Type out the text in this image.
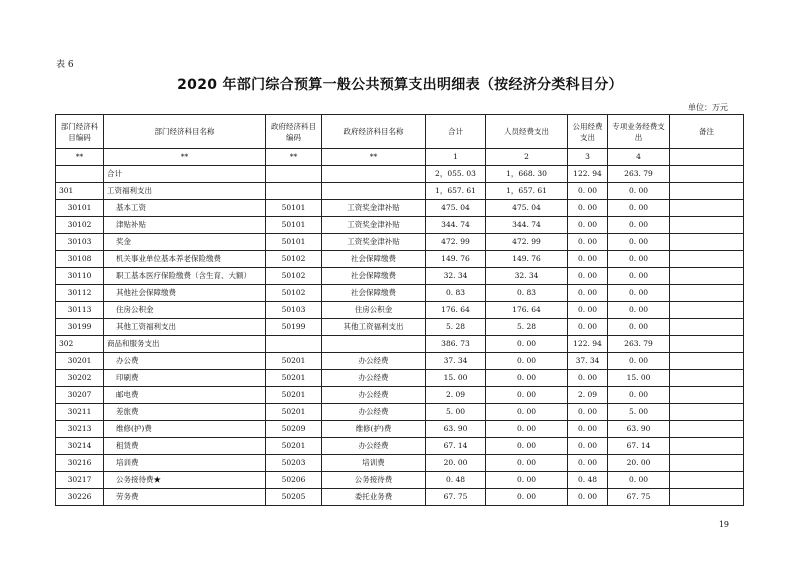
表 6
2020 年部门综合预算一般公共预算支出明细表（按经济分类科目分）
单位：万元
部门经济科目编码	部门经济科目名称	政府经济科目编码	政府经济科目名称	合计	人员经费支出	公用经费支出	专项业务经费支出	备注
**	**	**	**	1	2	3	4	
	合计			2，055. 03	1，668. 30	122. 94	263. 79	
301	工资福利支出			1，657. 61	1，657. 61	0. 00	0. 00	
30101	基本工资	50101	工资奖金津补贴	475. 04	475. 04	0. 00	0. 00	
30102	津贴补贴	50101	工资奖金津补贴	344. 74	344. 74	0. 00	0. 00	
30103	奖金	50101	工资奖金津补贴	472. 99	472. 99	0. 00	0. 00	
30108	机关事业单位基本养老保险缴费	50102	社会保障缴费	149. 76	149. 76	0. 00	0. 00	
30110	职工基本医疗保险缴费（含生育、大额）	50102	社会保障缴费	32. 34	32. 34	0. 00	0. 00	
30112	其他社会保障缴费	50102	社会保障缴费	0. 83	0. 83	0. 00	0. 00	
30113	住房公积金	50103	住房公积金	176. 64	176. 64	0. 00	0. 00	
30199	其他工资福利支出	50199	其他工资福利支出	5. 28	5. 28	0. 00	0. 00	
302	商品和服务支出			386. 73	0. 00	122. 94	263. 79	
30201	办公费	50201	办公经费	37. 34	0. 00	37. 34	0. 00	
30202	印刷费	50201	办公经费	15. 00	0. 00	0. 00	15. 00	
30207	邮电费	50201	办公经费	2. 09	0. 00	2. 09	0. 00	
30211	差旅费	50201	办公经费	5. 00	0. 00	0. 00	5. 00	
30213	维修(护)费	50209	维修(护)费	63. 90	0. 00	0. 00	63. 90	
30214	租赁费	50201	办公经费	67. 14	0. 00	0. 00	67. 14	
30216	培训费	50203	培训费	20. 00	0. 00	0. 00	20. 00	
30217	公务接待费★	50206	公务接待费	0. 48	0. 00	0. 48	0. 00	
30226	劳务费	50205	委托业务费	67. 75	0. 00	0. 00	67. 75	
19
